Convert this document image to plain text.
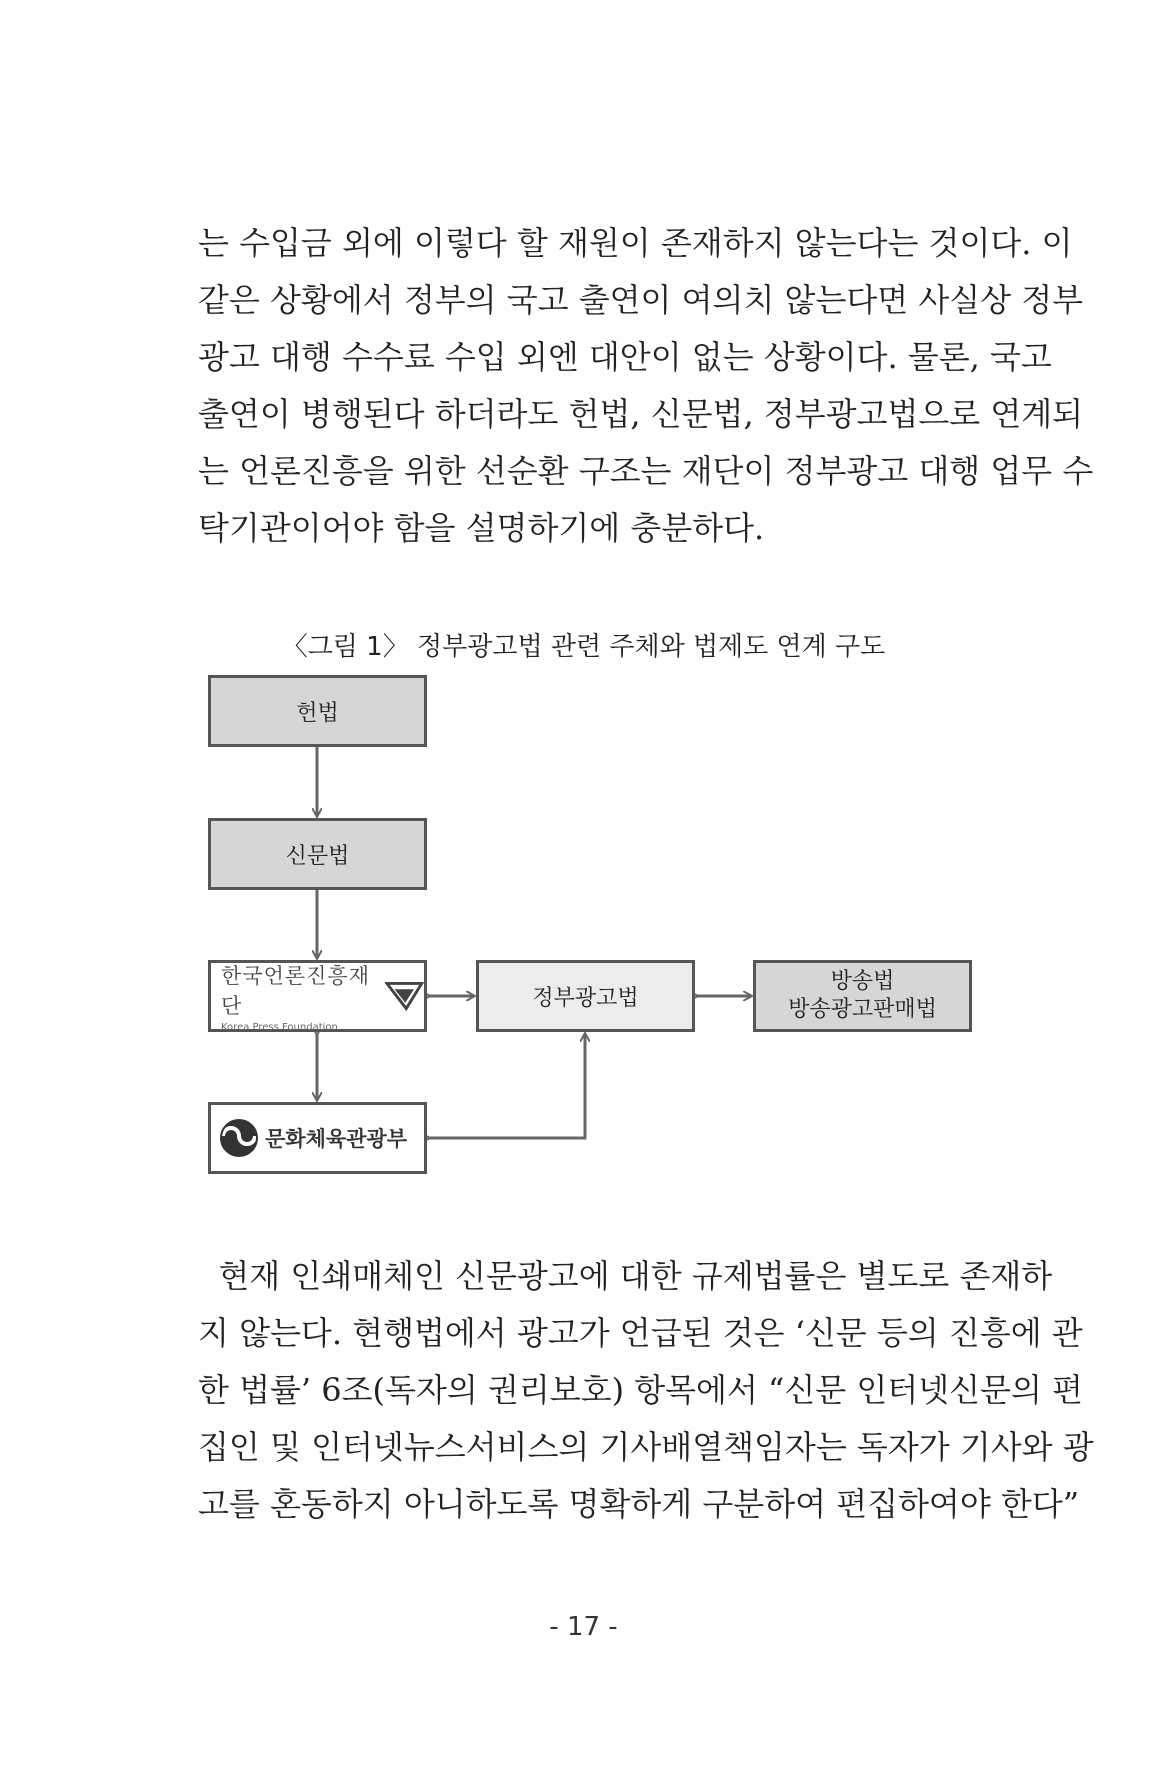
는 수입금 외에 이렇다 할 재원이 존재하지 않는다는 것이다. 이
같은 상황에서 정부의 국고 출연이 여의치 않는다면 사실상 정부
광고 대행 수수료 수입 외엔 대안이 없는 상황이다. 물론, 국고
출연이 병행된다 하더라도 헌법, 신문법, 정부광고법으로 연계되
는 언론진흥을 위한 선순환 구조는 재단이 정부광고 대행 업무 수
탁기관이어야 함을 설명하기에 충분하다.
〈그림 1〉 정부광고법 관련 주체와 법제도 연계 구도
헌법
신문법
한국언론진흥재단
Korea Press Foundation
정부광고법
방송법
방송광고판매법
문화체육관광부
현재 인쇄매체인 신문광고에 대한 규제법률은 별도로 존재하
지 않는다. 현행법에서 광고가 언급된 것은 ‘신문 등의 진흥에 관
한 법률’ 6조(독자의 권리보호) 항목에서 “신문 인터넷신문의 편
집인 및 인터넷뉴스서비스의 기사배열책임자는 독자가 기사와 광
고를 혼동하지 아니하도록 명확하게 구분하여 편집하여야 한다”
- 17 -
